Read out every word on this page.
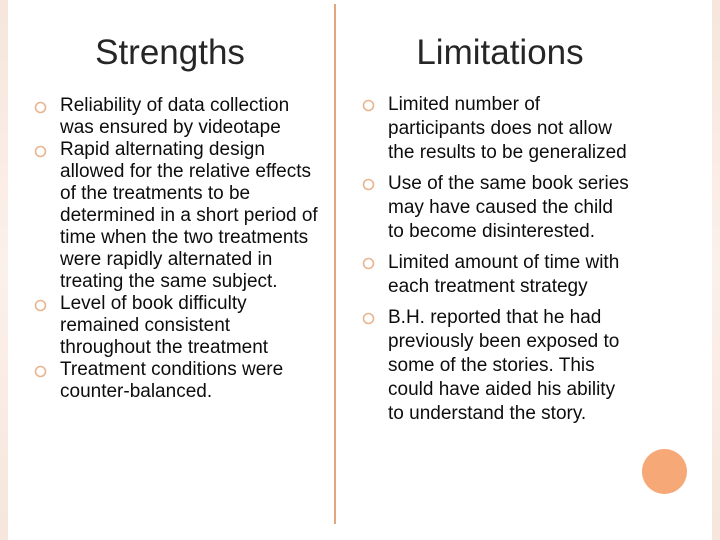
Strengths
Reliability of data collection was ensured by videotape
Rapid alternating design allowed for the relative effects of the treatments to be determined in a short period of time when the two treatments were rapidly alternated in treating the same subject.
Level of book difficulty remained consistent throughout the treatment
Treatment conditions were counter-balanced.
Limitations
Limited number of participants does not allow the results to be generalized
Use of the same book series may have caused the child to become disinterested.
Limited amount of time with each treatment strategy
B.H. reported that he had previously been exposed to some of the stories. This could have aided his ability to understand the story.
